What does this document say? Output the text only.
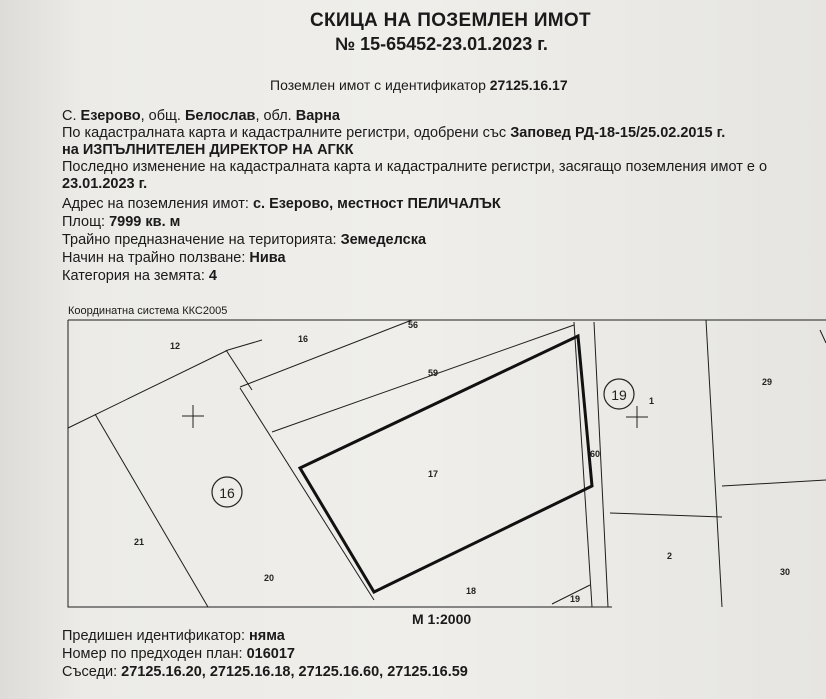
СКИЦА НА ПОЗЕМЛЕН ИМОТ
№ 15-65452-23.01.2023 г.
Поземлен имот с идентификатор 27125.16.17
С. Езерово, общ. Белослав, обл. Варна
По кадастралната карта и кадастралните регистри, одобрени със Заповед РД-18-15/25.02.2015 г.
на ИЗПЪЛНИТЕЛЕН ДИРЕКТОР НА АГКК
Последно изменение на кадастралната карта и кадастралните регистри, засягащо поземления имот е о
23.01.2023 г.
Адрес на поземления имот: с. Езерово, местност ПЕЛИЧАЛЪК
Площ: 7999 кв. м
Трайно предназначение на територията: Земеделска
Начин на трайно ползване: Нива
Категория на земята: 4
Координатна система ККС2005
16
19
12
16
56
59
17
21
20
18
19
60
1
29
2
30
М 1:2000
Предишен идентификатор: няма
Номер по предходен план: 016017
Съседи: 27125.16.20, 27125.16.18, 27125.16.60, 27125.16.59
